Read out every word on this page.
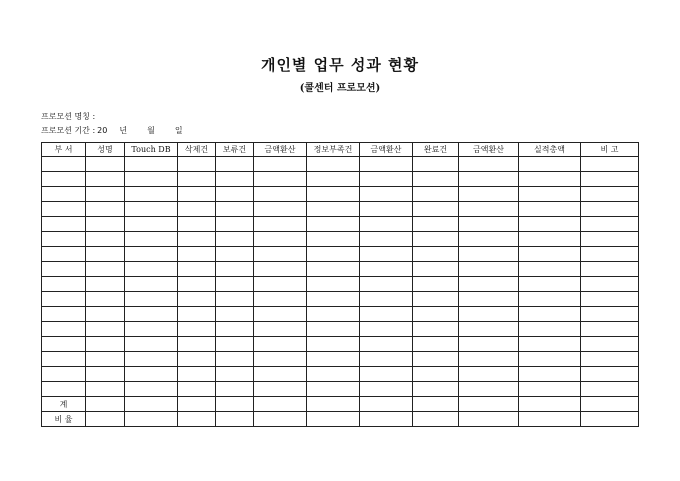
개인별 업무 성과 현황
(콜센터 프로모션)
프로모션 명칭 :
프로모션 기간 : 20 년	월	일
부 서	성명	Touch DB	삭제건	보류건	금액환산	정보부족건	금액환산	완료건	금액환산	실적총액	비 고

계											
비 율											
